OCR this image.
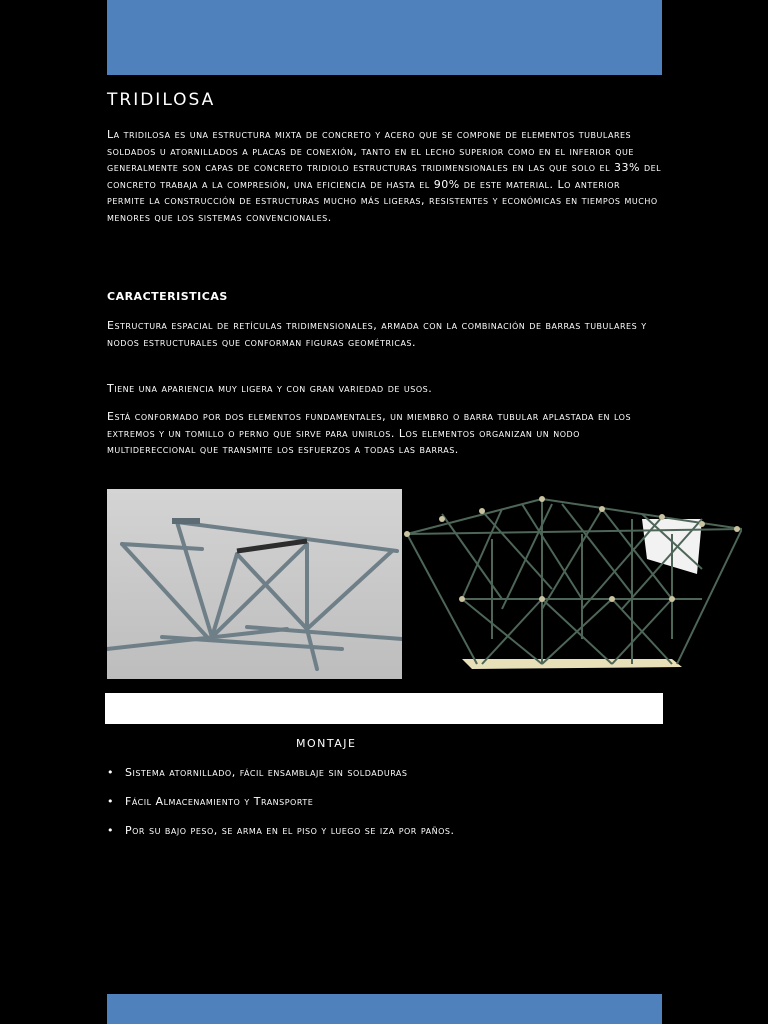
TRIDILOSA

La tridilosa es una estructura mixta de concreto y acero que se compone de elementos tubulares soldados u atornillados a placas de conexión, tanto en el lecho superior como en el inferior que generalmente son capas de concreto tridiolo estructuras tridimensionales en las que solo el 33% del concreto trabaja a la compresión, una eficiencia de hasta el 90% de este material. Lo anterior permite la construcción de estructuras mucho más ligeras, resistentes y económicas en tiempos mucho menores que los sistemas convencionales.

CARACTERISTICAS

Estructura espacial de retículas tridimensionales, armada con la combinación de barras tubulares y nodos estructurales que conforman figuras geométricas.

Tiene una apariencia muy ligera y con gran variedad de usos.

Está conformado por dos elementos fundamentales, un miembro o barra tubular aplastada en los extremos y un tomillo o perno que sirve para unirlos. Los elementos organizan un nodo multidereccional que transmite los esfuerzos a todas las barras.

MONTAJE
• Sistema atornillado, fácil ensamblaje sin soldaduras
• Fácil Almacenamiento y Transporte
• Por su bajo peso, se arma en el piso y luego se iza por paños.
